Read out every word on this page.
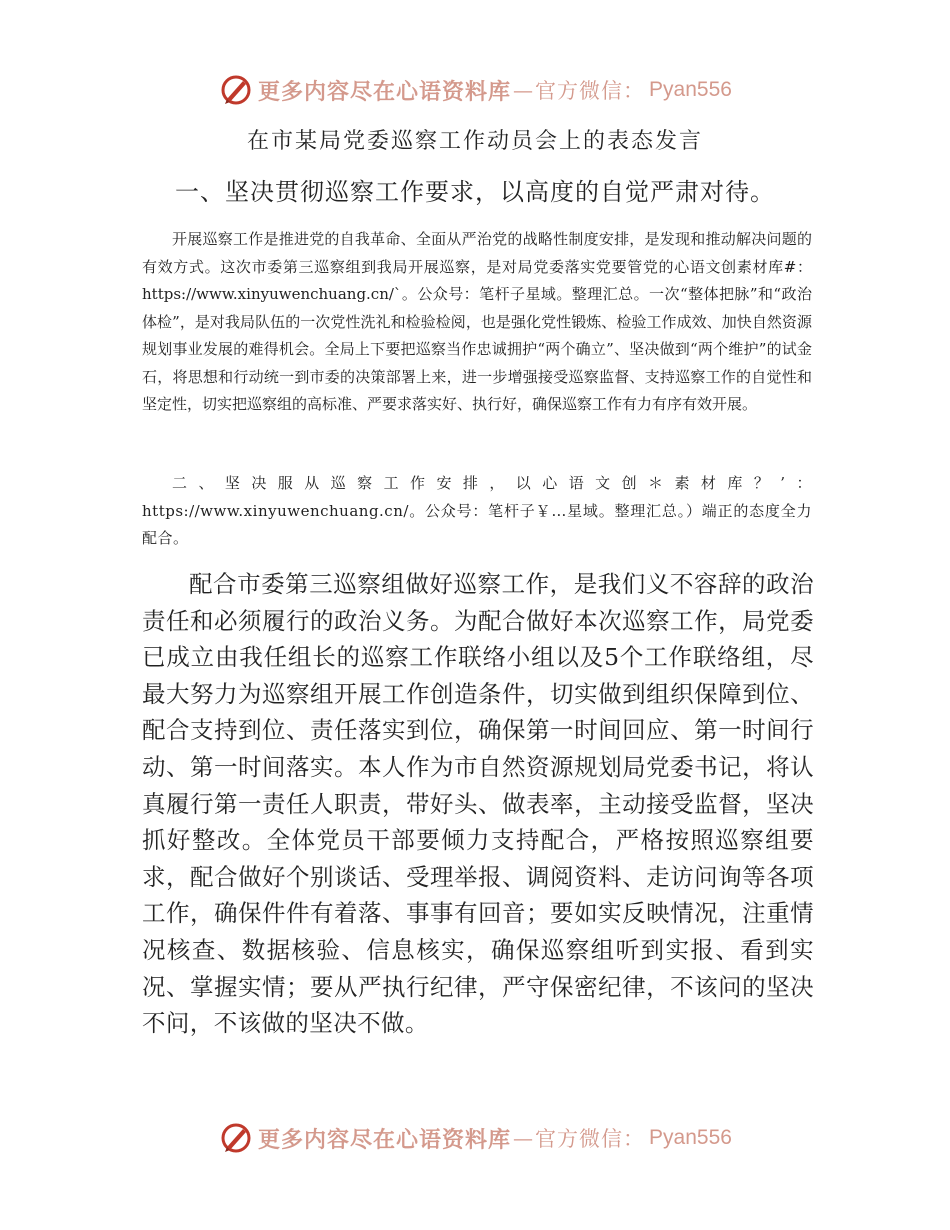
更多内容尽在心语资料库 — 官方微信： Pyan556
在市某局党委巡察工作动员会上的表态发言
一、坚决贯彻巡察工作要求，以高度的自觉严肃对待。

开展巡察工作是推进党的自我革命、全面从严治党的战略性制度安排，是发现和推动解决问题的有效方式。这次市委第三巡察组到我局开展巡察，是对局党委落实党要管党的心语文创素材库#：https://www.xinyuwenchuang.cn/`。公众号：笔杆子星域。整理汇总。一次“整体把脉”和“政治体检”，是对我局队伍的一次党性洗礼和检验检阅，也是强化党性锻炼、检验工作成效、加快自然资源规划事业发展的难得机会。全局上下要把巡察当作忠诚拥护“两个确立”、坚决做到“两个维护”的试金石，将思想和行动统一到市委的决策部署上来，进一步增强接受巡察监督、支持巡察工作的自觉性和坚定性，切实把巡察组的高标准、严要求落实好、执行好，确保巡察工作有力有序有效开展。

二、坚决服从巡察工作安排，以心语文创＊素材库？’：https://www.xinyuwenchuang.cn/。公众号：笔杆子￥…星域。整理汇总。）端正的态度全力配合。

配合市委第三巡察组做好巡察工作，是我们义不容辞的政治责任和必须履行的政治义务。为配合做好本次巡察工作，局党委已成立由我任组长的巡察工作联络小组以及5个工作联络组，尽最大努力为巡察组开展工作创造条件，切实做到组织保障到位、配合支持到位、责任落实到位，确保第一时间回应、第一时间行动、第一时间落实。本人作为市自然资源规划局党委书记，将认真履行第一责任人职责，带好头、做表率，主动接受监督，坚决抓好整改。全体党员干部要倾力支持配合，严格按照巡察组要求，配合做好个别谈话、受理举报、调阅资料、走访问询等各项工作，确保件件有着落、事事有回音；要如实反映情况，注重情况核查、数据核验、信息核实，确保巡察组听到实报、看到实况、掌握实情；要从严执行纪律，严守保密纪律，不该问的坚决不问，不该做的坚决不做。

更多内容尽在心语资料库 — 官方微信： Pyan556
